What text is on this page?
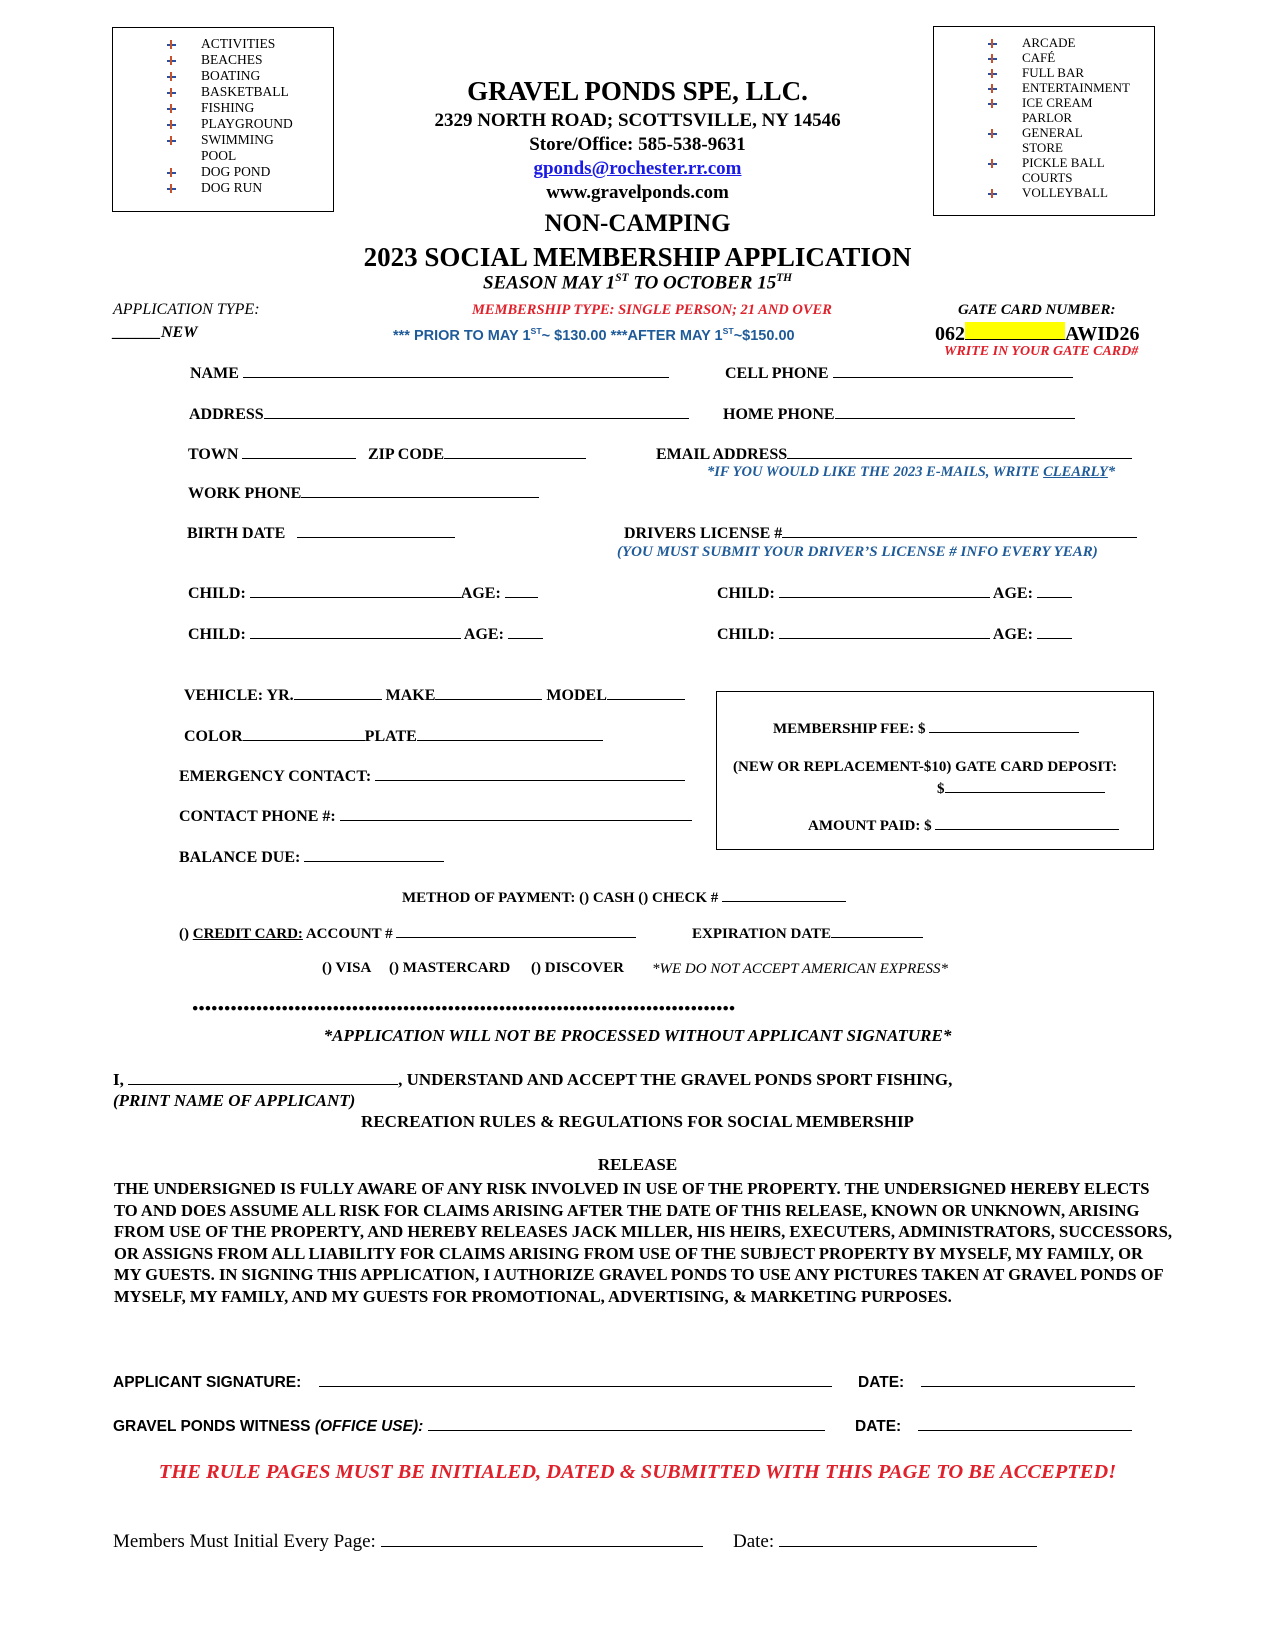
ACTIVITIES
BEACHES
BOATING
BASKETBALL
FISHING
PLAYGROUND
SWIMMING
POOL
DOG POND
DOG RUN
ARCADE
CAFÉ
FULL BAR
ENTERTAINMENT
ICE CREAM
PARLOR
GENERAL
STORE
PICKLE BALL
COURTS
VOLLEYBALL
GRAVEL PONDS SPE, LLC.
2329 NORTH ROAD; SCOTTSVILLE, NY 14546
Store/Office: 585-538-9631
gponds@rochester.rr.com
www.gravelponds.com
NON-CAMPING
2023 SOCIAL MEMBERSHIP APPLICATION
SEASON MAY 1ST TO OCTOBER 15TH
APPLICATION TYPE:
______NEW
MEMBERSHIP TYPE: SINGLE PERSON; 21 AND OVER
*** PRIOR TO MAY 1ST~ $130.00 ***AFTER MAY 1ST~$150.00
GATE CARD NUMBER:
062	AWID26
WRITE IN YOUR GATE CARD#
NAME	CELL PHONE
ADDRESS	HOME PHONE
TOWN	ZIP CODE	EMAIL ADDRESS
*IF YOU WOULD LIKE THE 2023 E-MAILS, WRITE CLEARLY*
WORK PHONE
BIRTH DATE	DRIVERS LICENSE #
(YOU MUST SUBMIT YOUR DRIVER’S LICENSE # INFO EVERY YEAR)
CHILD:	AGE:	CHILD:	AGE:
CHILD:	AGE:	CHILD:	AGE:
VEHICLE: YR.	MAKE	MODEL
COLOR	PLATE
EMERGENCY CONTACT:
CONTACT PHONE #:
BALANCE DUE:
MEMBERSHIP FEE: $
(NEW OR REPLACEMENT-$10) GATE CARD DEPOSIT:
$
AMOUNT PAID: $
METHOD OF PAYMENT: () CASH () CHECK #
() CREDIT CARD: ACCOUNT #	EXPIRATION DATE
() VISA () MASTERCARD () DISCOVER *WE DO NOT ACCEPT AMERICAN EXPRESS*
●●●●●●●●●●●●●●●●●●●●●●●●●●●●●●●●●●●●●●●●●●●●●●●●●●●●●●●●●●●●●●●●●●●●●●●●●●●●●●●●●●●●●
*APPLICATION WILL NOT BE PROCESSED WITHOUT APPLICANT SIGNATURE*
I,	, UNDERSTAND AND ACCEPT THE GRAVEL PONDS SPORT FISHING,
(PRINT NAME OF APPLICANT)
RECREATION RULES & REGULATIONS FOR SOCIAL MEMBERSHIP
RELEASE
THE UNDERSIGNED IS FULLY AWARE OF ANY RISK INVOLVED IN USE OF THE PROPERTY. THE UNDERSIGNED HEREBY ELECTS TO AND DOES ASSUME ALL RISK FOR CLAIMS ARISING AFTER THE DATE OF THIS RELEASE, KNOWN OR UNKNOWN, ARISING FROM USE OF THE PROPERTY, AND HEREBY RELEASES JACK MILLER, HIS HEIRS, EXECUTERS, ADMINISTRATORS, SUCCESSORS, OR ASSIGNS FROM ALL LIABILITY FOR CLAIMS ARISING FROM USE OF THE SUBJECT PROPERTY BY MYSELF, MY FAMILY, OR MY GUESTS. IN SIGNING THIS APPLICATION, I AUTHORIZE GRAVEL PONDS TO USE ANY PICTURES TAKEN AT GRAVEL PONDS OF MYSELF, MY FAMILY, AND MY GUESTS FOR PROMOTIONAL, ADVERTISING, & MARKETING PURPOSES.
APPLICANT SIGNATURE:	DATE:
GRAVEL PONDS WITNESS (OFFICE USE):	DATE:
THE RULE PAGES MUST BE INITIALED, DATED & SUBMITTED WITH THIS PAGE TO BE ACCEPTED!
Members Must Initial Every Page:	Date:
